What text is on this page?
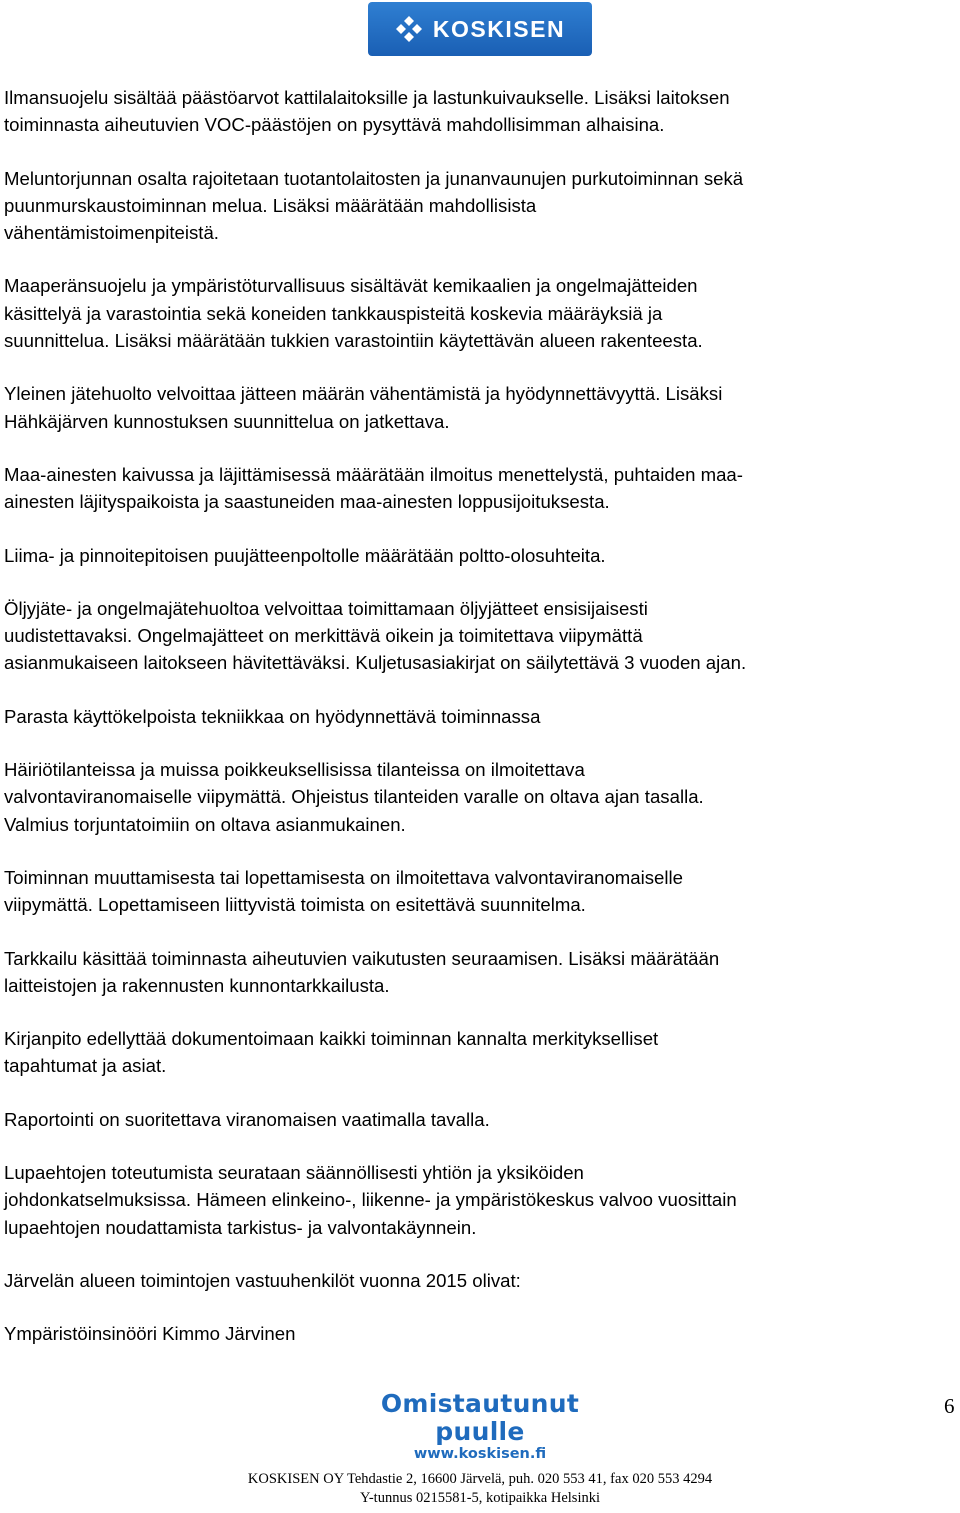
KOSKISEN

Ilmansuojelu sisältää päästöarvot kattilalaitoksille ja lastunkuivaukselle. Lisäksi laitoksen
toiminnasta aiheutuvien VOC-päästöjen on pysyttävä mahdollisimman alhaisina.

Meluntorjunnan osalta rajoitetaan tuotantolaitosten ja junanvaunujen purkutoiminnan sekä
puunmurskaustoiminnan melua. Lisäksi määrätään mahdollisista
vähentämistoimenpiteistä.

Maaperänsuojelu ja ympäristöturvallisuus sisältävät kemikaalien ja ongelmajätteiden
käsittelyä ja varastointia sekä koneiden tankkauspisteitä koskevia määräyksiä ja
suunnittelua. Lisäksi määrätään tukkien varastointiin käytettävän alueen rakenteesta.

Yleinen jätehuolto velvoittaa jätteen määrän vähentämistä ja hyödynnettävyyttä. Lisäksi
Hähkäjärven kunnostuksen suunnittelua on jatkettava.

Maa-ainesten kaivussa ja läjittämisessä määrätään ilmoitus menettelystä, puhtaiden maa-
ainesten läjityspaikoista ja saastuneiden maa-ainesten loppusijoituksesta.

Liima- ja pinnoitepitoisen puujätteenpoltolle määrätään poltto-olosuhteita.

Öljyjäte- ja ongelmajätehuoltoa velvoittaa toimittamaan öljyjätteet ensisijaisesti
uudistettavaksi. Ongelmajätteet on merkittävä oikein ja toimitettava viipymättä
asianmukaiseen laitokseen hävitettäväksi. Kuljetusasiakirjat on säilytettävä 3 vuoden ajan.

Parasta käyttökelpoista tekniikkaa on hyödynnettävä toiminnassa

Häiriötilanteissa ja muissa poikkeuksellisissa tilanteissa on ilmoitettava
valvontaviranomaiselle viipymättä. Ohjeistus tilanteiden varalle on oltava ajan tasalla.
Valmius torjuntatoimiin on oltava asianmukainen.

Toiminnan muuttamisesta tai lopettamisesta on ilmoitettava valvontaviranomaiselle
viipymättä. Lopettamiseen liittyvistä toimista on esitettävä suunnitelma.

Tarkkailu käsittää toiminnasta aiheutuvien vaikutusten seuraamisen. Lisäksi määrätään
laitteistojen ja rakennusten kunnontarkkailusta.

Kirjanpito edellyttää dokumentoimaan kaikki toiminnan kannalta merkitykselliset
tapahtumat ja asiat.

Raportointi on suoritettava viranomaisen vaatimalla tavalla.

Lupaehtojen toteutumista seurataan säännöllisesti yhtiön ja yksiköiden
johdonkatselmuksissa. Hämeen elinkeino-, liikenne- ja ympäristökeskus valvoo vuosittain
lupaehtojen noudattamista tarkistus- ja valvontakäynnein.

Järvelän alueen toimintojen vastuuhenkilöt vuonna 2015 olivat:

Ympäristöinsinööri Kimmo Järvinen

Omistautunut puulle
www.koskisen.fi
6
KOSKISEN OY Tehdastie 2, 16600 Järvelä, puh. 020 553 41, fax 020 553 4294
Y-tunnus 0215581-5, kotipaikka Helsinki
